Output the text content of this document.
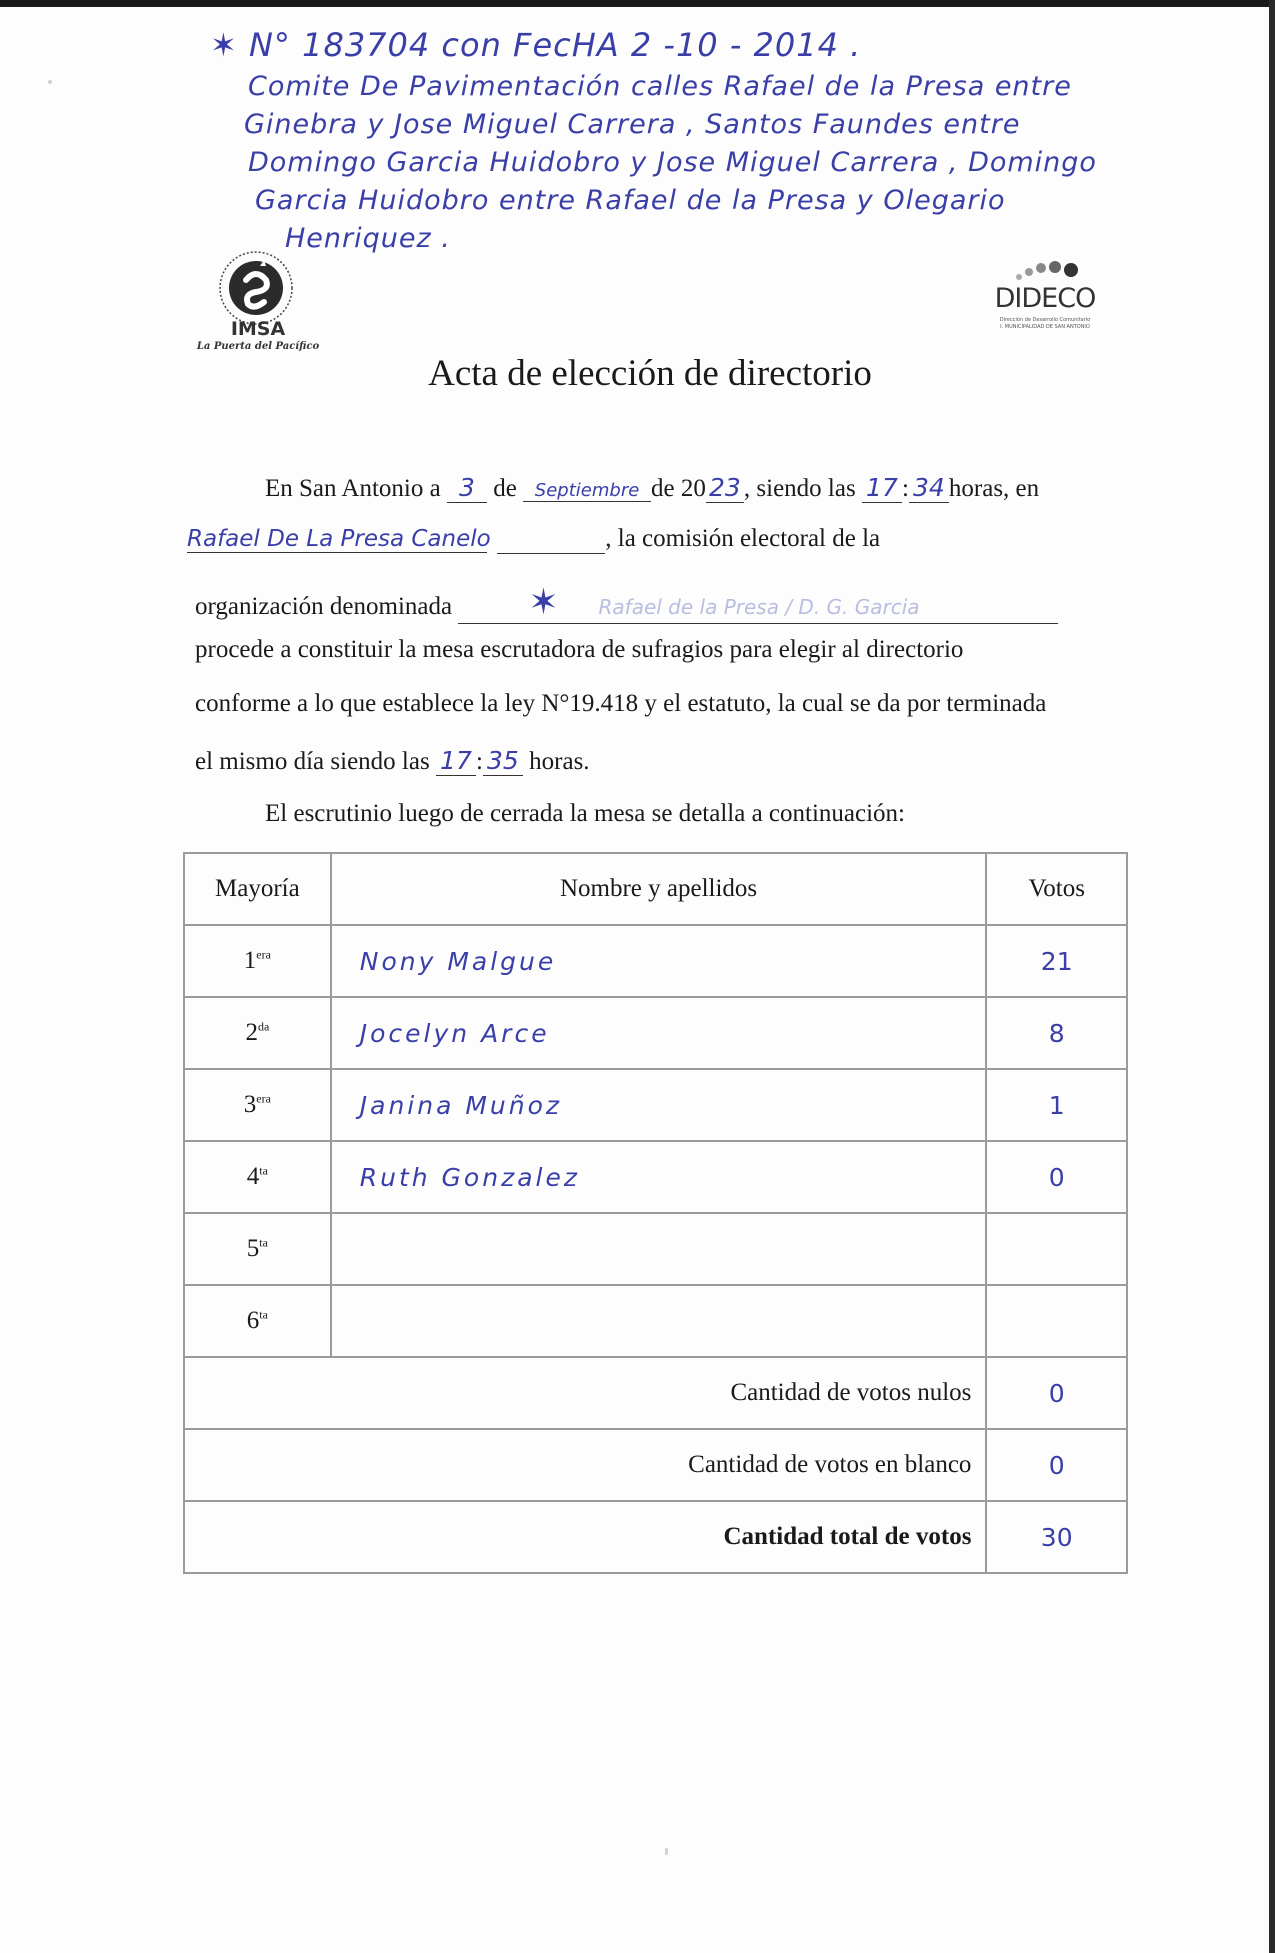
✶ N° 183704 con FecHA 2 -10 - 2014 .
Comite De Pavimentación calles Rafael de la Presa entre
Ginebra y Jose Miguel Carrera , Santos Faundes entre
Domingo Garcia Huidobro y Jose Miguel Carrera , Domingo
Garcia Huidobro entre Rafael de la Presa y Olegario
Henriquez .
IMSA
La Puerta del Pacífico
DIDECO
Dirección de Desarrollo Comunitario
I. MUNICIPALIDAD DE SAN ANTONIO
Acta de elección de directorio
En San Antonio a 3 de Septiembre de 20 23 , siendo las 17 : 34 horas, en
Rafael De La Presa Canelo	, la comisión electoral de la
organización denominada ✶ Rafael de la Presa / D. G. Garcia
procede a constituir la mesa escrutadora de sufragios para elegir al directorio
conforme a lo que establece la ley N°19.418 y el estatuto, la cual se da por terminada
el mismo día siendo las 17 : 35 horas.
El escrutinio luego de cerrada la mesa se detalla a continuación:
Mayoría	Nombre y apellidos	Votos
$1^{era}$	Nony Malgue	21
$2^{da}$	Jocelyn Arce	8
$3^{era}$	Janina Muñoz	1
$4^{ta}$	Ruth Gonzalez	0
$5^{ta}$		
$6^{ta}$		
Cantidad de votos nulos		0
Cantidad de votos en blanco		0
Cantidad total de votos		30
